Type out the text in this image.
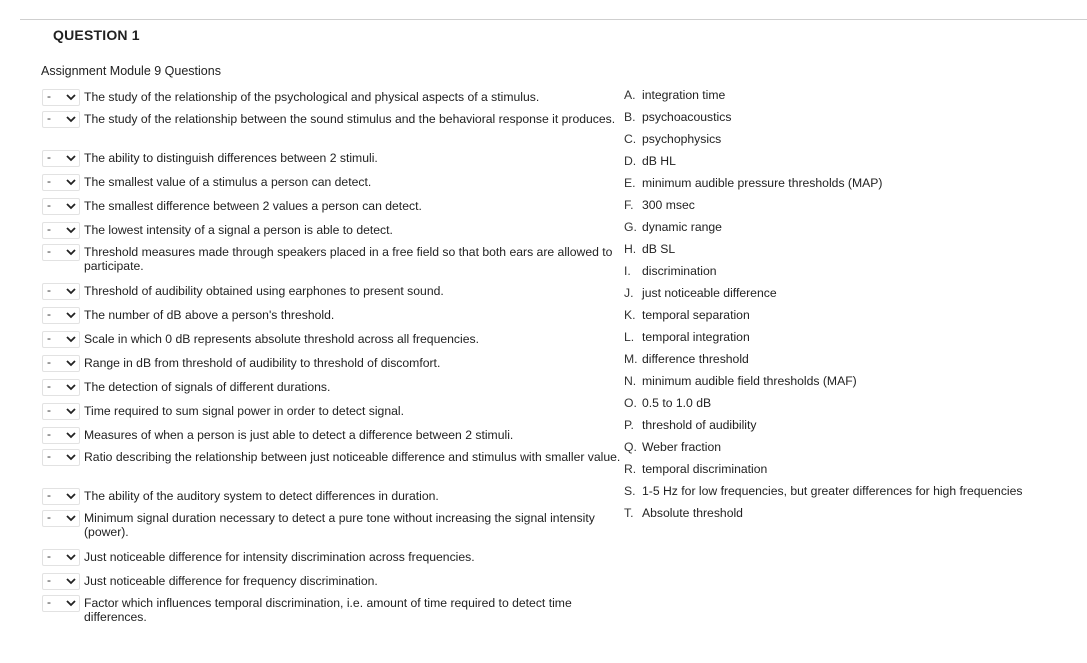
QUESTION 1
Assignment Module 9 Questions
-	The study of the relationship of the psychological and physical aspects of a stimulus.
-	The study of the relationship between the sound stimulus and the behavioral response it produces.
-	The ability to distinguish differences between 2 stimuli.
-	The smallest value of a stimulus a person can detect.
-	The smallest difference between 2 values a person can detect.
-	The lowest intensity of a signal a person is able to detect.
-	Threshold measures made through speakers placed in a free field so that both ears are allowed to participate.
-	Threshold of audibility obtained using earphones to present sound.
-	The number of dB above a person's threshold.
-	Scale in which 0 dB represents absolute threshold across all frequencies.
-	Range in dB from threshold of audibility to threshold of discomfort.
-	The detection of signals of different durations.
-	Time required to sum signal power in order to detect signal.
-	Measures of when a person is just able to detect a difference between 2 stimuli.
-	Ratio describing the relationship between just noticeable difference and stimulus with smaller value.
-	The ability of the auditory system to detect differences in duration.
-	Minimum signal duration necessary to detect a pure tone without increasing the signal intensity (power).
-	Just noticeable difference for intensity discrimination across frequencies.
-	Just noticeable difference for frequency discrimination.
-	Factor which influences temporal discrimination, i.e. amount of time required to detect time differences.
A. integration time
B. psychoacoustics
C. psychophysics
D. dB HL
E. minimum audible pressure thresholds (MAP)
F. 300 msec
G. dynamic range
H. dB SL
I. discrimination
J. just noticeable difference
K. temporal separation
L. temporal integration
M. difference threshold
N. minimum audible field thresholds (MAF)
O. 0.5 to 1.0 dB
P. threshold of audibility
Q. Weber fraction
R. temporal discrimination
S. 1-5 Hz for low frequencies, but greater differences for high frequencies
T. Absolute threshold
